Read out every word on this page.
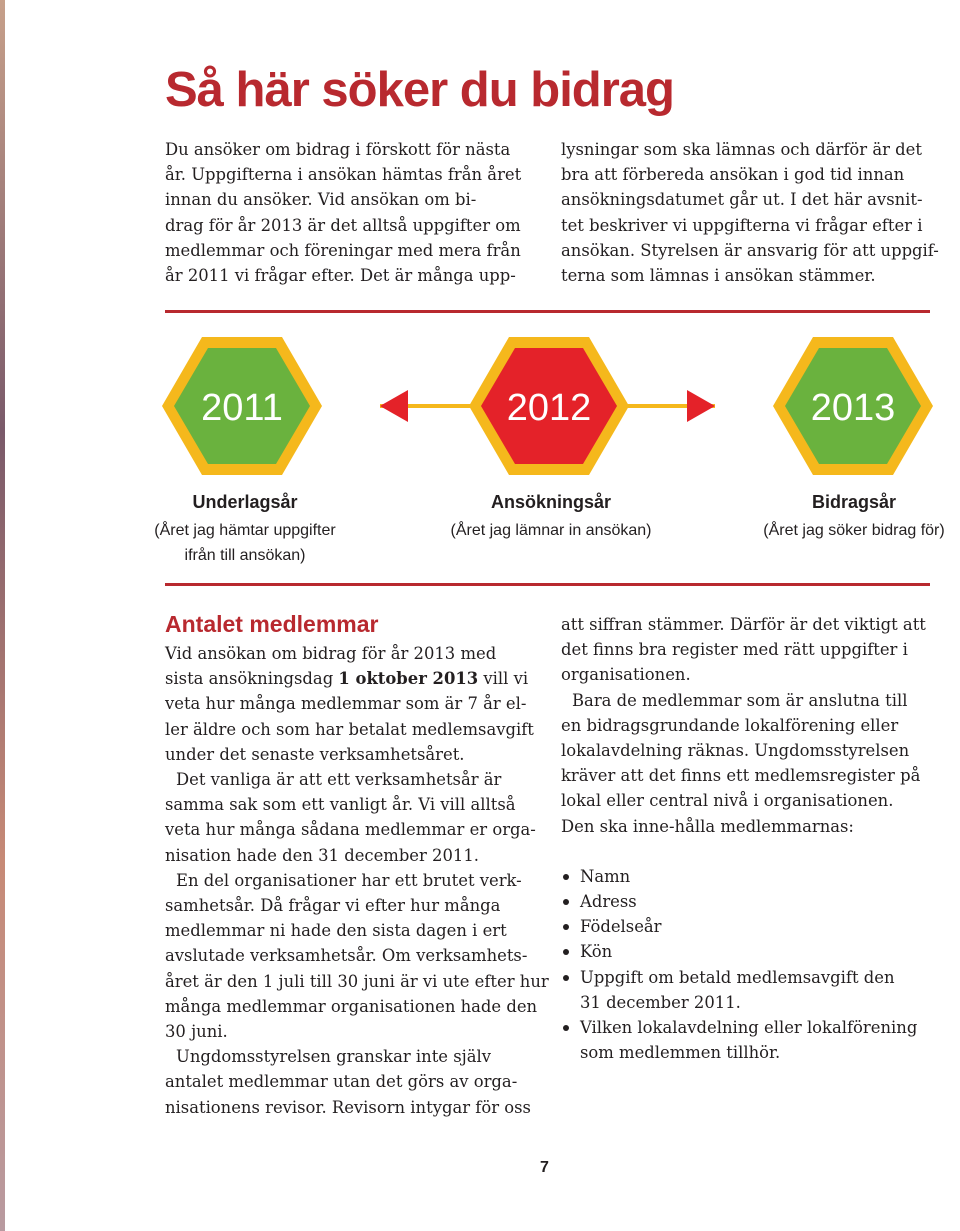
Så här söker du bidrag

Du ansöker om bidrag i förskott för nästa

år. Uppgifterna i ansökan hämtas från året

innan du ansöker. Vid ansökan om bi-

drag för år 2013 är det alltså uppgifter om

medlemmar och föreningar med mera från

år 2011 vi frågar efter. Det är många upp-

lysningar som ska lämnas och därför är det

bra att förbereda ansökan i god tid innan

ansökningsdatumet går ut. I det här avsnit-

tet beskriver vi uppgifterna vi frågar efter i

ansökan. Styrelsen är ansvarig för att uppgif-

terna som lämnas i ansökan stämmer.

2011	2012	2013
Underlagsår
(Året jag hämtar uppgifter
ifrån till ansökan)
Ansökningsår
(Året jag lämnar in ansökan)
Bidragsår
(Året jag söker bidrag för)
Antalet medlemmar

Vid ansökan om bidrag för år 2013 med

sista ansökningsdag 1 oktober 2013 vill vi

veta hur många medlemmar som är 7 år el-

ler äldre och som har betalat medlemsavgift

under det senaste verksamhetsåret.

Det vanliga är att ett verksamhetsår är

samma sak som ett vanligt år. Vi vill alltså

veta hur många sådana medlemmar er orga-

nisation hade den 31 december 2011.

En del organisationer har ett brutet verk-

samhetsår. Då frågar vi efter hur många

medlemmar ni hade den sista dagen i ert

avslutade verksamhetsår. Om verksamhets-

året är den 1 juli till 30 juni är vi ute efter hur

många medlemmar organisationen hade den

30 juni.

Ungdomsstyrelsen granskar inte själv

antalet medlemmar utan det görs av orga-

nisationens revisor. Revisorn intygar för oss

att siffran stämmer. Därför är det viktigt att

det finns bra register med rätt uppgifter i

organisationen.

Bara de medlemmar som är anslutna till

en bidragsgrundande lokalförening eller

lokalavdelning räknas. Ungdomsstyrelsen

kräver att det finns ett medlemsregister på

lokal eller central nivå i organisationen.

Den ska inne-hålla medlemmarnas:

Namn
Adress
Födelseår
Kön
Uppgift om betald medlemsavgift den
31 december 2011.
Vilken lokalavdelning eller lokalförening
som medlemmen tillhör.
7
